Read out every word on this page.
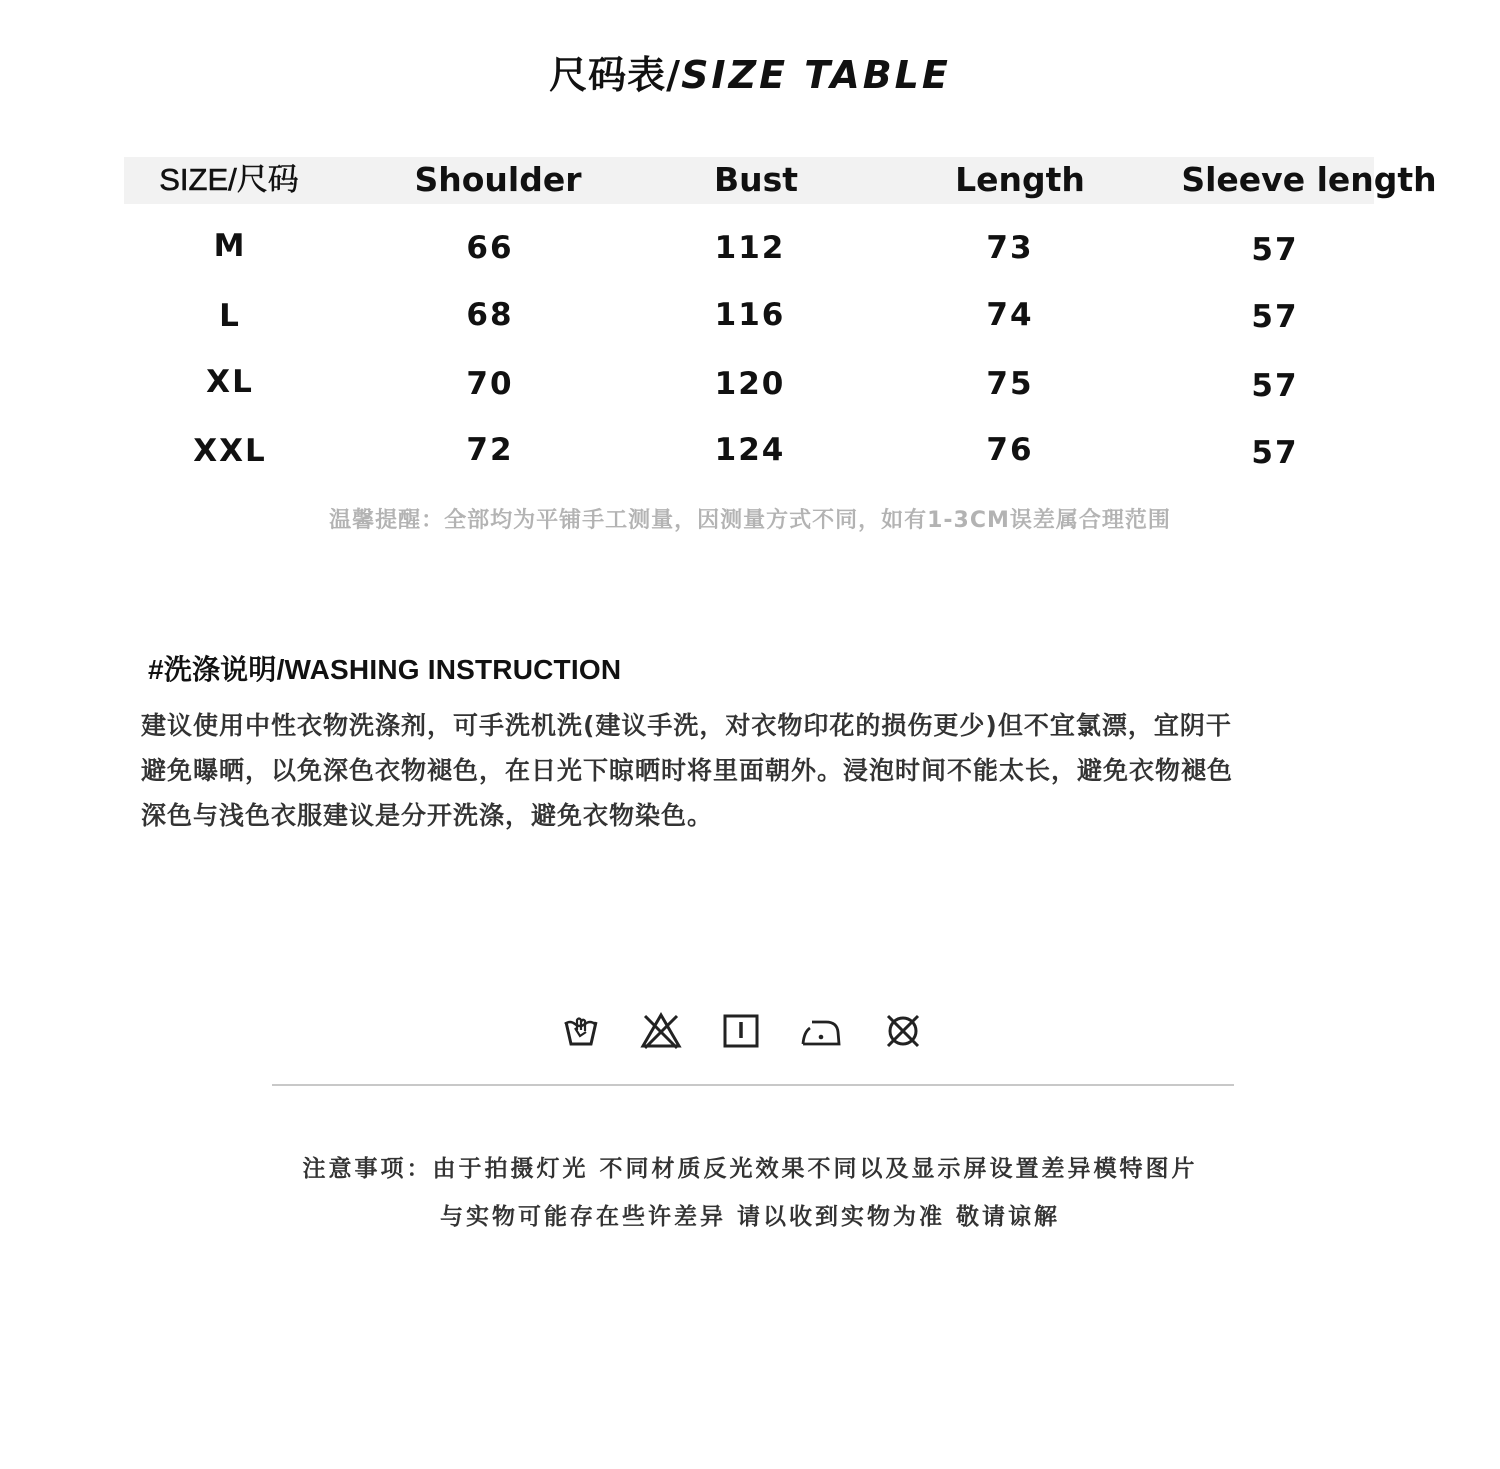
尺码表/SIZE TABLE
SIZE/尺码	Shoulder	Bust	Length	Sleeve length
M	66	112	73	57
L	68	116	74	57
XL	70	120	75	57
XXL	72	124	76	57
温馨提醒：全部均为平铺手工测量，因测量方式不同，如有1-3CM误差属合理范围
#洗涤说明/WASHING INSTRUCTION
建议使用中性衣物洗涤剂，可手洗机洗(建议手洗，对衣物印花的损伤更少)但不宜氯漂，宜阴干
避免曝晒，以免深色衣物褪色，在日光下晾晒时将里面朝外。浸泡时间不能太长，避免衣物褪色
深色与浅色衣服建议是分开洗涤，避免衣物染色。
注意事项：由于拍摄灯光 不同材质反光效果不同以及显示屏设置差异模特图片
与实物可能存在些许差异 请以收到实物为准 敬请谅解
